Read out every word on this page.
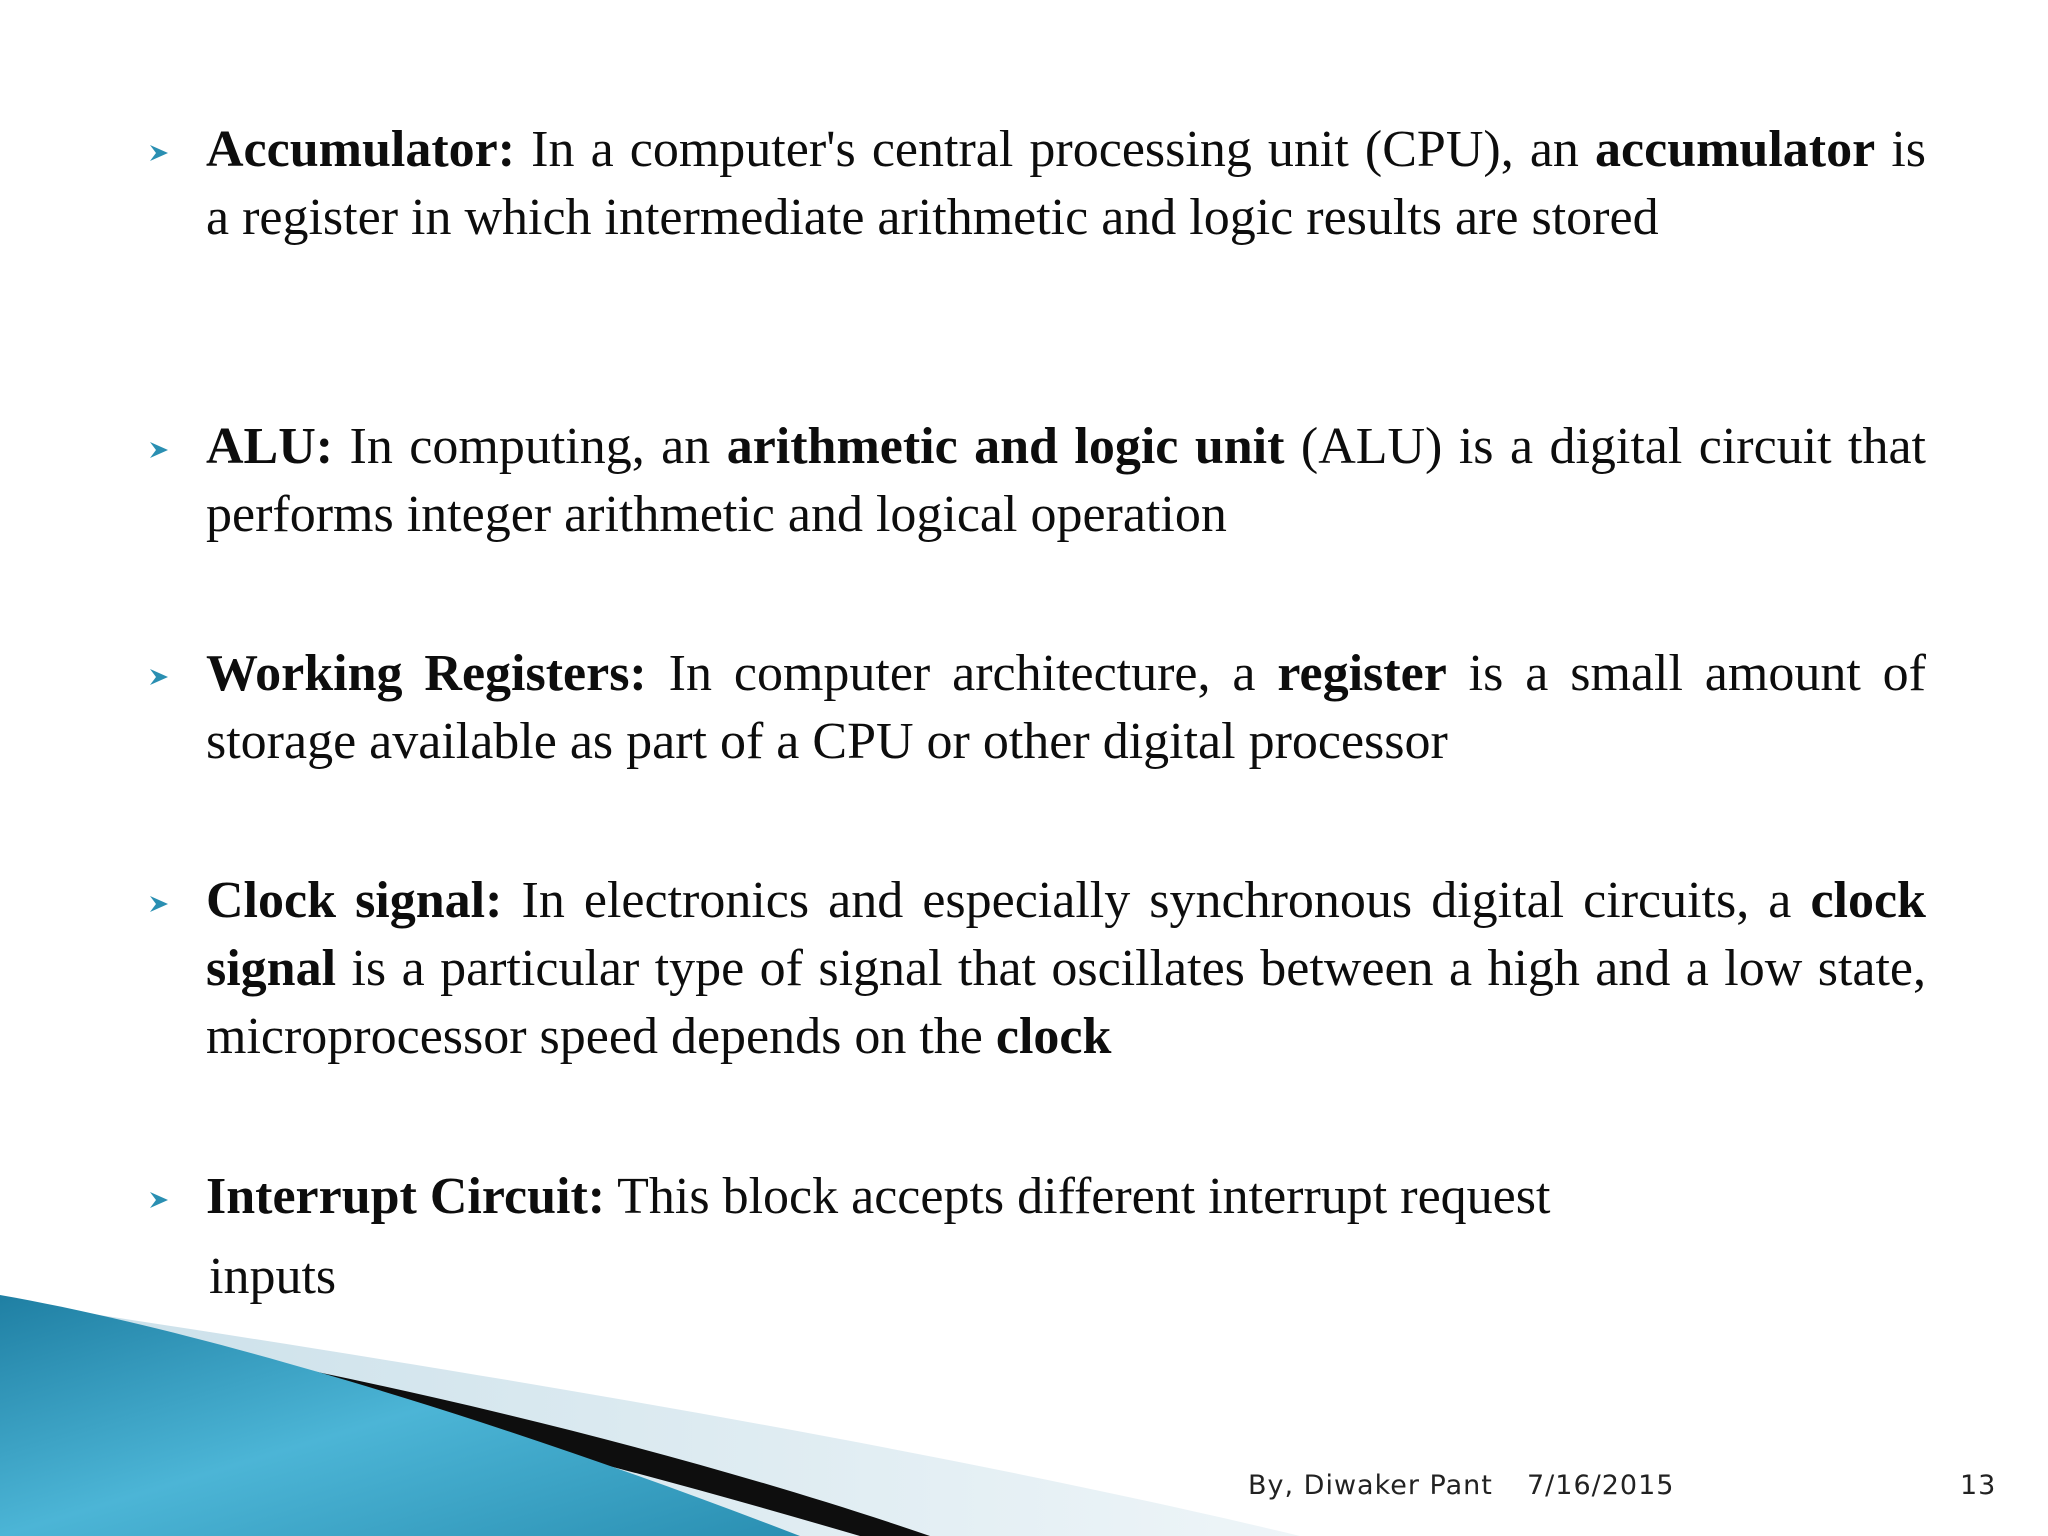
Accumulator: In a computer's central processing unit (CPU), an accumulator is a register in which intermediate arithmetic and logic results are stored
ALU: In computing, an arithmetic and logic unit (ALU) is a digital circuit that performs integer arithmetic and logical operation
Working Registers: In computer architecture, a register is a small amount of storage available as part of a CPU or other digital processor
Clock signal: In electronics and especially synchronous digital circuits, a clock signal is a particular type of signal that oscillates between a high and a low state, microprocessor speed depends on the clock
Interrupt Circuit: This block accepts different interrupt request
inputs
By, Diwaker Pant 7/16/2015	13
